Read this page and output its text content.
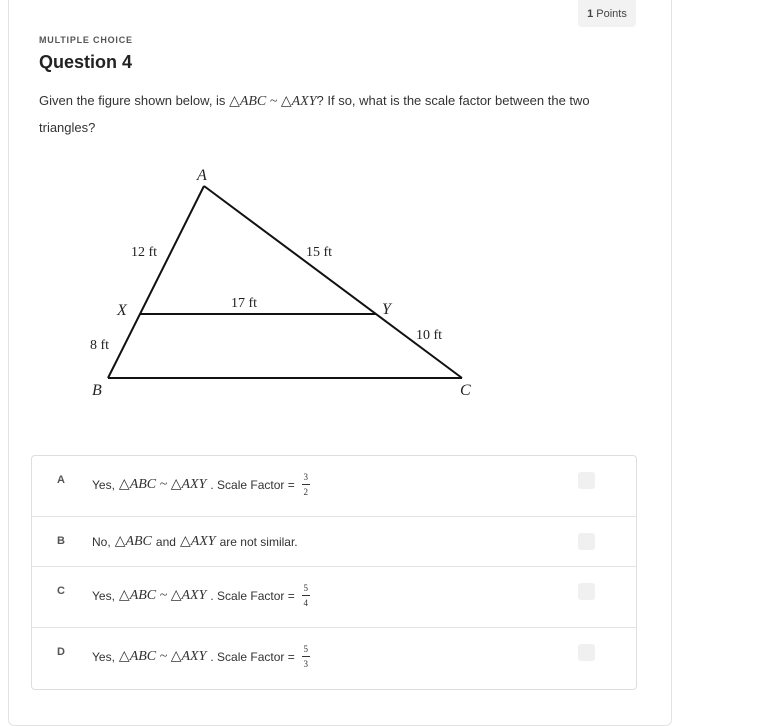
1 Points
MULTIPLE CHOICE
Question 4
Given the figure shown below, is △ABC ~ △AXY? If so, what is the scale factor between the two triangles?
A
X	Y
B	C
12 ft
8 ft
15 ft
10 ft
17 ft
A Yes, △ABC ~ △AXY . Scale Factor = $\frac{3}{2}$
B No, △ABC and △AXY are not similar.
C Yes, △ABC ~ △AXY . Scale Factor = $\frac{5}{4}$
D Yes, △ABC ~ △AXY . Scale Factor = $\frac{5}{3}$
